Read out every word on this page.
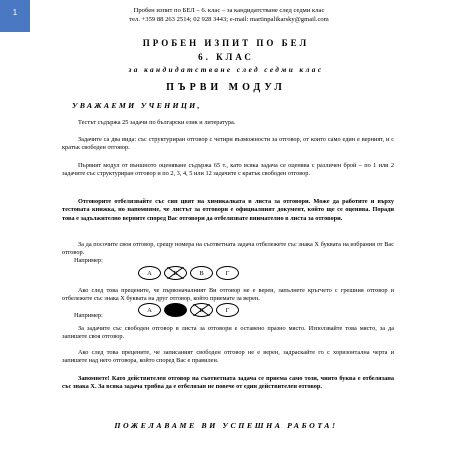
1	Пробен изпит по БЕЛ – 6. клас – за кандидатстване след седми клас
тел. +359 88 263 2514; 02 928 3443; e-mail: martinpalikarsky@gmail.com
ПРОБЕН ИЗПИТ ПО БЕЛ
6. КЛАС
за кандидатстване след седми клас
ПЪРВИ МОДУЛ
УВАЖАЕМИ УЧЕНИЦИ,

Тестът съдържа 25 задачи по български език и литература.

Задачите са два вида: със структуриран отговор с четири възможности за отговор, от които само един е верният, и с кратък свободен отговор.

Първият модул от външното оценяване съдържа 65 т., като всяка задача се оценява с различен брой – по 1 или 2 задачите със структуриран отговор и по 2, 3, 4, 5 или 12 задачите с кратък свободен отговор.

Отговорите отбелязвайте със син цвят на химикалката в листа за отговори. Може да работите и върху тестовата книжка, но напомняме, че листът за отговори е официалният документ, който ще се оценява. Поради това е задължително верните според Вас отговори да отбелязвате внимателно в листа за отговори.

За да посочите своя отговор, срещу номера на съответната задача отбележете със знака X буквата на избрания от Вас отговор.

Например:
А	В	Г

Ако след това прецените, че първоначалният Ви отговор не е верен, запълнете кръгчето с грешния отговор и отбележете със знака X буквата на друг отговор, който приемате за верен.

Например:
А	Б	Г

За задачите със свободен отговор в листа за отговори е оставено празно място. Използвайте това място, за да запишете своя отговор.

Ако след това прецените, че записаният свободен отговор не е верен, задраскайте го с хоризонтална черта и запишете над него отговора, който според Вас е правилен.

Запомнете! Като действителен отговор на съответната задача се приема само този, чиято буква е отбелязана със знака X. За всяка задача трябва да е отбелязан не повече от един действителен отговор.

ПОЖЕЛАВАМЕ ВИ УСПЕШНА РАБОТА!
